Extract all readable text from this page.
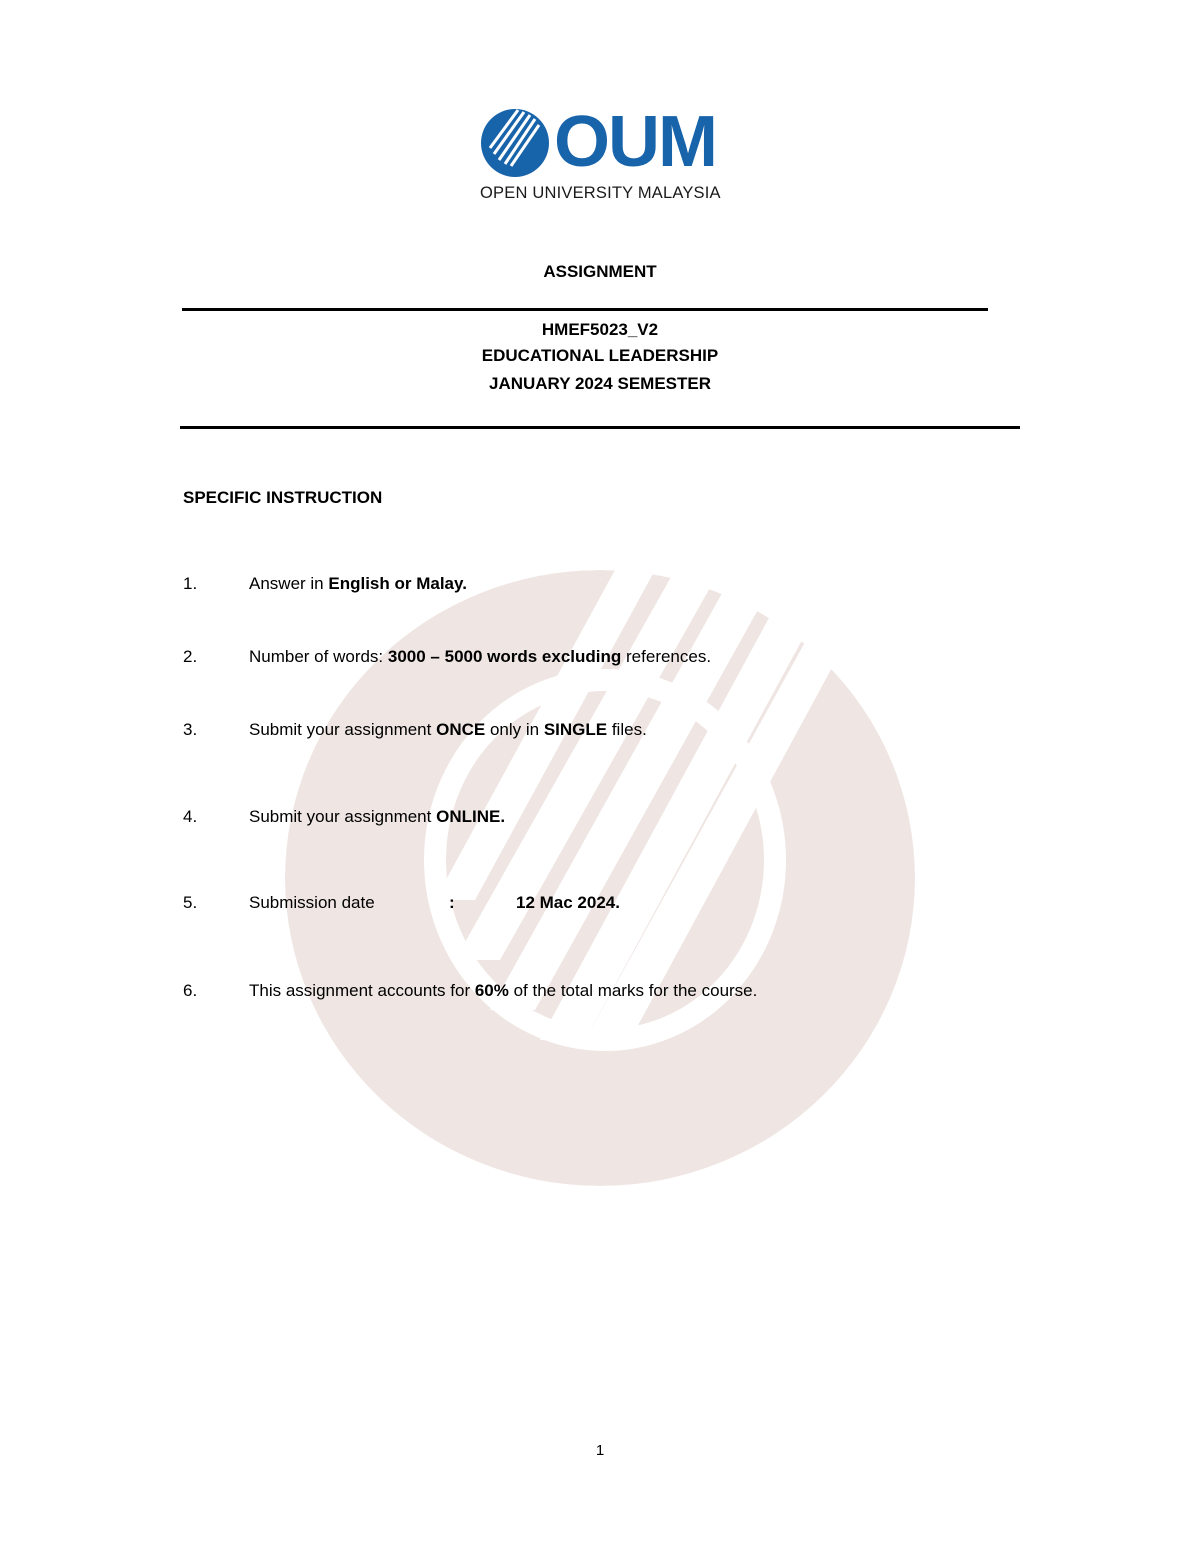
OUM
OPEN UNIVERSITY MALAYSIA
ASSIGNMENT
HMEF5023_V2
EDUCATIONAL LEADERSHIP
JANUARY 2024 SEMESTER
SPECIFIC INSTRUCTION
1.	Answer in English or Malay.
2.	Number of words: 3000 – 5000 words excluding references.
3.	Submit your assignment ONCE only in SINGLE files.
4.	Submit your assignment ONLINE.
5.	Submission date	:	12 Mac 2024.
6.	This assignment accounts for 60% of the total marks for the course.
1
